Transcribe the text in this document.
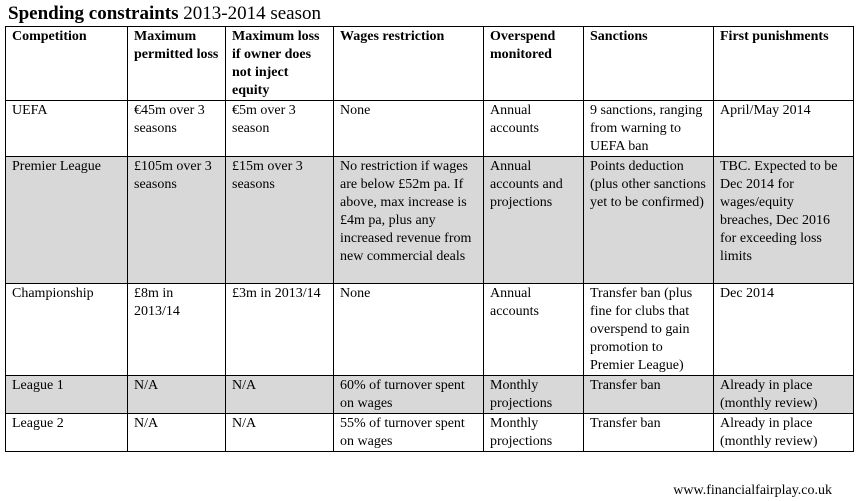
Spending constraints 2013-2014 season
Competition	Maximum permitted loss	Maximum loss if owner does not inject equity	Wages restriction	Overspend monitored	Sanctions	First punishments
UEFA	€45m over 3 seasons	€5m over 3 season	None	Annual accounts	9 sanctions, ranging from warning to UEFA ban	April/May 2014
Premier League	£105m over 3 seasons	£15m over 3 seasons	No restriction if wages are below £52m pa. If above, max increase is £4m pa, plus any increased revenue from new commercial deals	Annual accounts and projections	Points deduction (plus other sanctions yet to be confirmed)	TBC. Expected to be Dec 2014 for wages/equity breaches, Dec 2016 for exceeding loss limits
Championship	£8m in 2013/14	£3m in 2013/14	None	Annual accounts	Transfer ban (plus fine for clubs that overspend to gain promotion to Premier League)	Dec 2014
League 1	N/A	N/A	60% of turnover spent on wages	Monthly projections	Transfer ban	Already in place (monthly review)
League 2	N/A	N/A	55% of turnover spent on wages	Monthly projections	Transfer ban	Already in place (monthly review)
www.financialfairplay.co.uk
